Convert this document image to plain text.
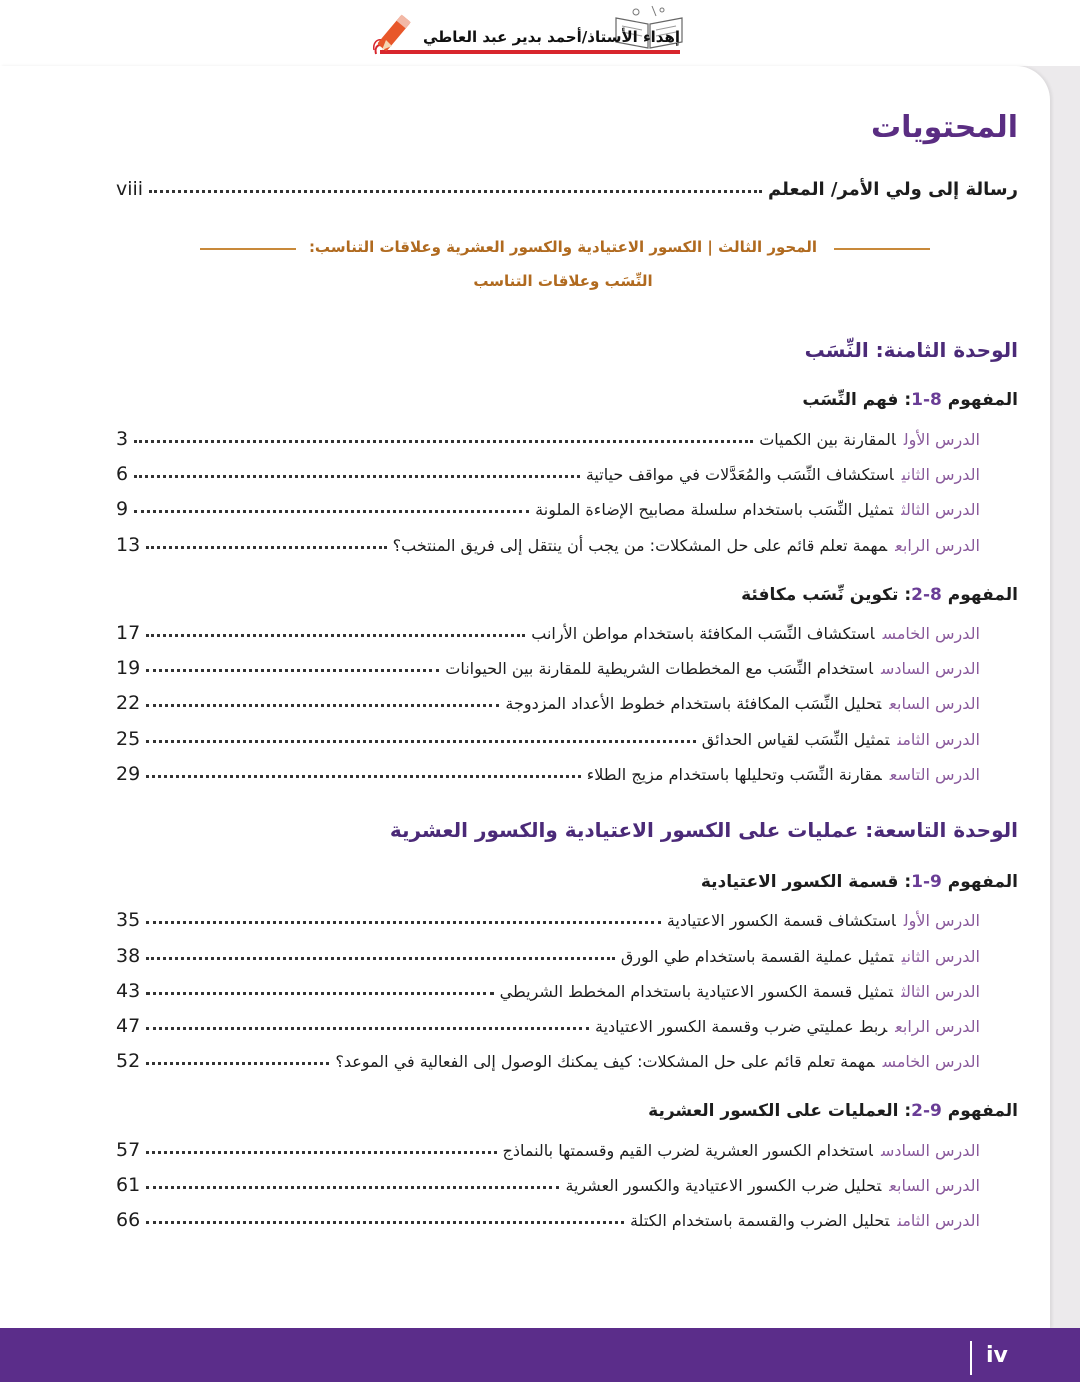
إهداء الأستاذ/أحمد بدير عبد العاطي
المحتويات
رسالة إلى ولي الأمر/ المعلم
viii
المحور الثالث | الكسور الاعتيادية والكسور العشرية وعلاقات التناسب:
النِّسَب وعلاقات التناسب
الوحدة الثامنة: النِّسَب
المفهوم 8-1: فهم النِّسَب
الدرس الأولالمقارنة بين الكميات
3
الدرس الثانياستكشاف النِّسَب والمُعَدَّلات في مواقف حياتية
6
الدرس الثالثتمثيل النِّسَب باستخدام سلسلة مصابيح الإضاءة الملونة
9
الدرس الرابعمهمة تعلم قائم على حل المشكلات: من يجب أن ينتقل إلى فريق المنتخب؟
13
المفهوم 8-2: تكوين نِّسَب مكافئة
الدرس الخامساستكشاف النِّسَب المكافئة باستخدام مواطن الأرانب
17
الدرس السادساستخدام النِّسَب مع المخططات الشريطية للمقارنة بين الحيوانات
19
الدرس السابعتحليل النِّسَب المكافئة باستخدام خطوط الأعداد المزدوجة
22
الدرس الثامنتمثيل النِّسَب لقياس الحدائق
25
الدرس التاسعمقارنة النِّسَب وتحليلها باستخدام مزيج الطلاء
29
الوحدة التاسعة: عمليات على الكسور الاعتيادية والكسور العشرية
المفهوم 9-1: قسمة الكسور الاعتيادية
الدرس الأولاستكشاف قسمة الكسور الاعتيادية
35
الدرس الثانيتمثيل عملية القسمة باستخدام طي الورق
38
الدرس الثالثتمثيل قسمة الكسور الاعتيادية باستخدام المخطط الشريطي
43
الدرس الرابعربط عمليتي ضرب وقسمة الكسور الاعتيادية
47
الدرس الخامسمهمة تعلم قائم على حل المشكلات: كيف يمكنك الوصول إلى الفعالية في الموعد؟
52
المفهوم 9-2: العمليات على الكسور العشرية
الدرس السادساستخدام الكسور العشرية لضرب القيم وقسمتها بالنماذج
57
الدرس السابعتحليل ضرب الكسور الاعتيادية والكسور العشرية
61
الدرس الثامنتحليل الضرب والقسمة باستخدام الكتلة
66
iv
